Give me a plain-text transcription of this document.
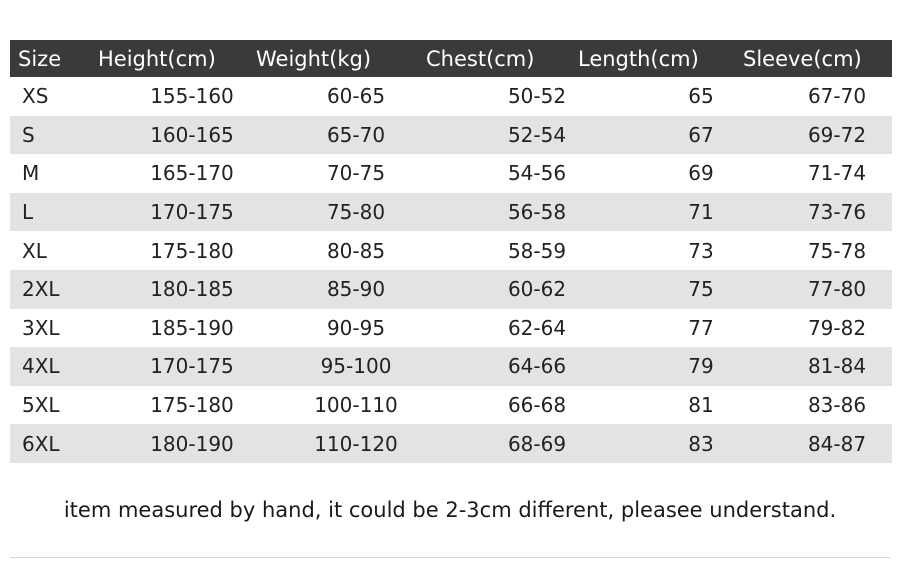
Size Height(cm) Weight(kg)	Chest(cm) Length(cm) Sleeve(cm)
XS	155-160	60-65	50-52	65	67-70
S	160-165	65-70	52-54	67	69-72
M	165-170	70-75	54-56	69	71-74
L	170-175	75-80	56-58	71	73-76
XL	175-180	80-85	58-59	73	75-78
2XL	180-185	85-90	60-62	75	77-80
3XL	185-190	90-95	62-64	77	79-82
4XL	170-175	95-100	64-66	79	81-84
5XL	175-180	100-110	66-68	81	83-86
6XL	180-190	110-120	68-69	83	84-87
item measured by hand, it could be 2-3cm different, pleasee understand.
